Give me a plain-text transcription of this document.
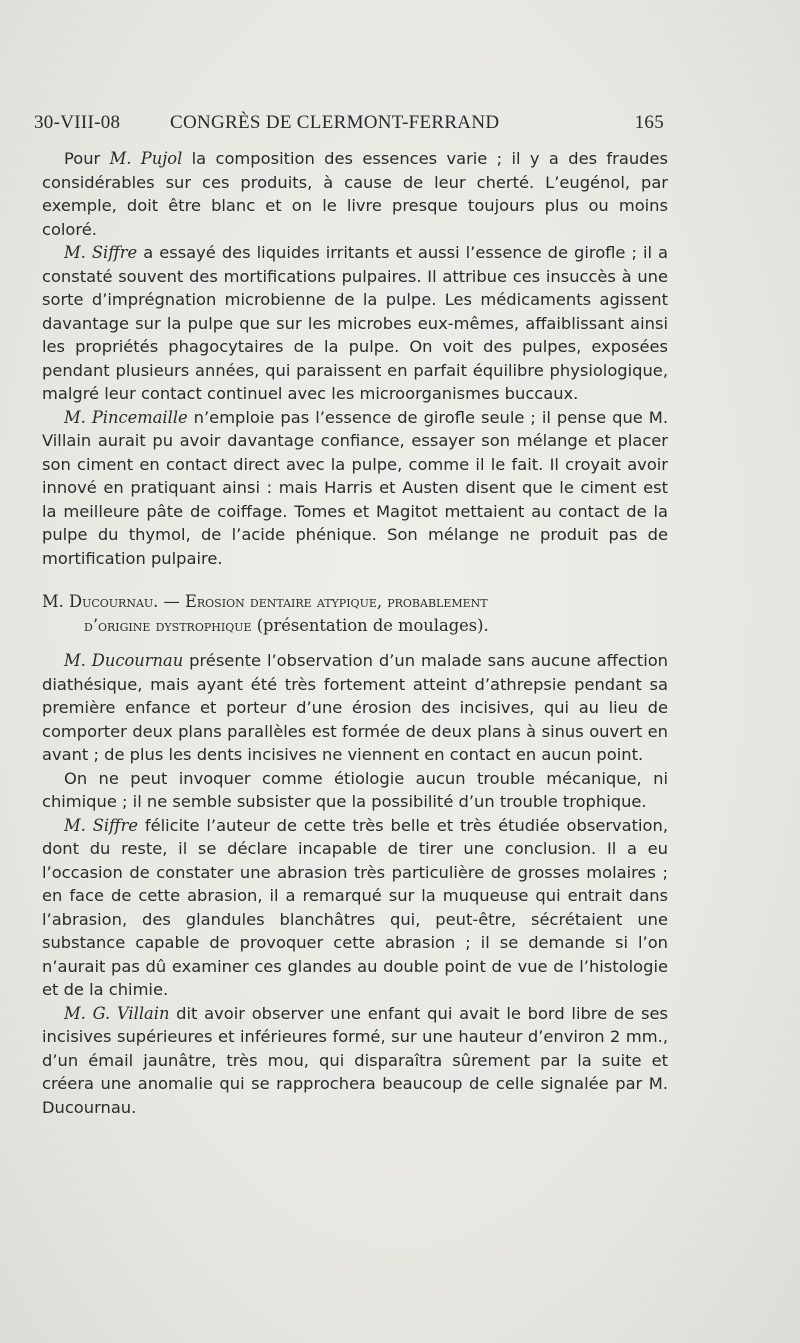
30-VIII-08	CONGRÈS DE CLERMONT-FERRAND	165

Pour M. Pujol la composition des essences varie ; il y a des fraudes considérables sur ces produits, à cause de leur cherté. L’eugénol, par exemple, doit être blanc et on le livre presque toujours plus ou moins coloré.

M. Siffre a essayé des liquides irritants et aussi l’essence de girofle ; il a constaté souvent des mortifications pulpaires. Il attribue ces insuccès à une sorte d’imprégnation microbienne de la pulpe. Les médicaments agissent davantage sur la pulpe que sur les microbes eux-mêmes, affaiblissant ainsi les propriétés phagocytaires de la pulpe. On voit des pulpes, exposées pendant plusieurs années, qui paraissent en parfait équilibre physiologique, malgré leur contact continuel avec les microorganismes buccaux.

M. Pincemaille n’emploie pas l’essence de girofle seule ; il pense que M. Villain aurait pu avoir davantage confiance, essayer son mélange et placer son ciment en contact direct avec la pulpe, comme il le fait. Il croyait avoir innové en pratiquant ainsi : mais Harris et Austen disent que le ciment est la meilleure pâte de coiffage. Tomes et Magitot mettaient au contact de la pulpe du thymol, de l’acide phénique. Son mélange ne produit pas de mortification pulpaire.

M. Ducournau. — Erosion dentaire atypique, probablement
d’origine dystrophique (présentation de moulages).

M. Ducournau présente l’observation d’un malade sans aucune affection diathésique, mais ayant été très fortement atteint d’athrepsie pendant sa première enfance et porteur d’une érosion des incisives, qui au lieu de comporter deux plans parallèles est formée de deux plans à sinus ouvert en avant ; de plus les dents incisives ne viennent en contact en aucun point.

On ne peut invoquer comme étiologie aucun trouble mécanique, ni chimique ; il ne semble subsister que la possibilité d’un trouble trophique.

M. Siffre félicite l’auteur de cette très belle et très étudiée observation, dont du reste, il se déclare incapable de tirer une conclusion. Il a eu l’occasion de constater une abrasion très particulière de grosses molaires ; en face de cette abrasion, il a remarqué sur la muqueuse qui entrait dans l’abrasion, des glandules blanchâtres qui, peut-être, sécrétaient une substance capable de provoquer cette abrasion ; il se demande si l’on n’aurait pas dû examiner ces glandes au double point de vue de l’histologie et de la chimie.

M. G. Villain dit avoir observer une enfant qui avait le bord libre de ses incisives supérieures et inférieures formé, sur une hauteur d’environ 2 mm., d’un émail jaunâtre, très mou, qui disparaîtra sûrement par la suite et créera une anomalie qui se rapprochera beaucoup de celle signalée par M. Ducournau.
